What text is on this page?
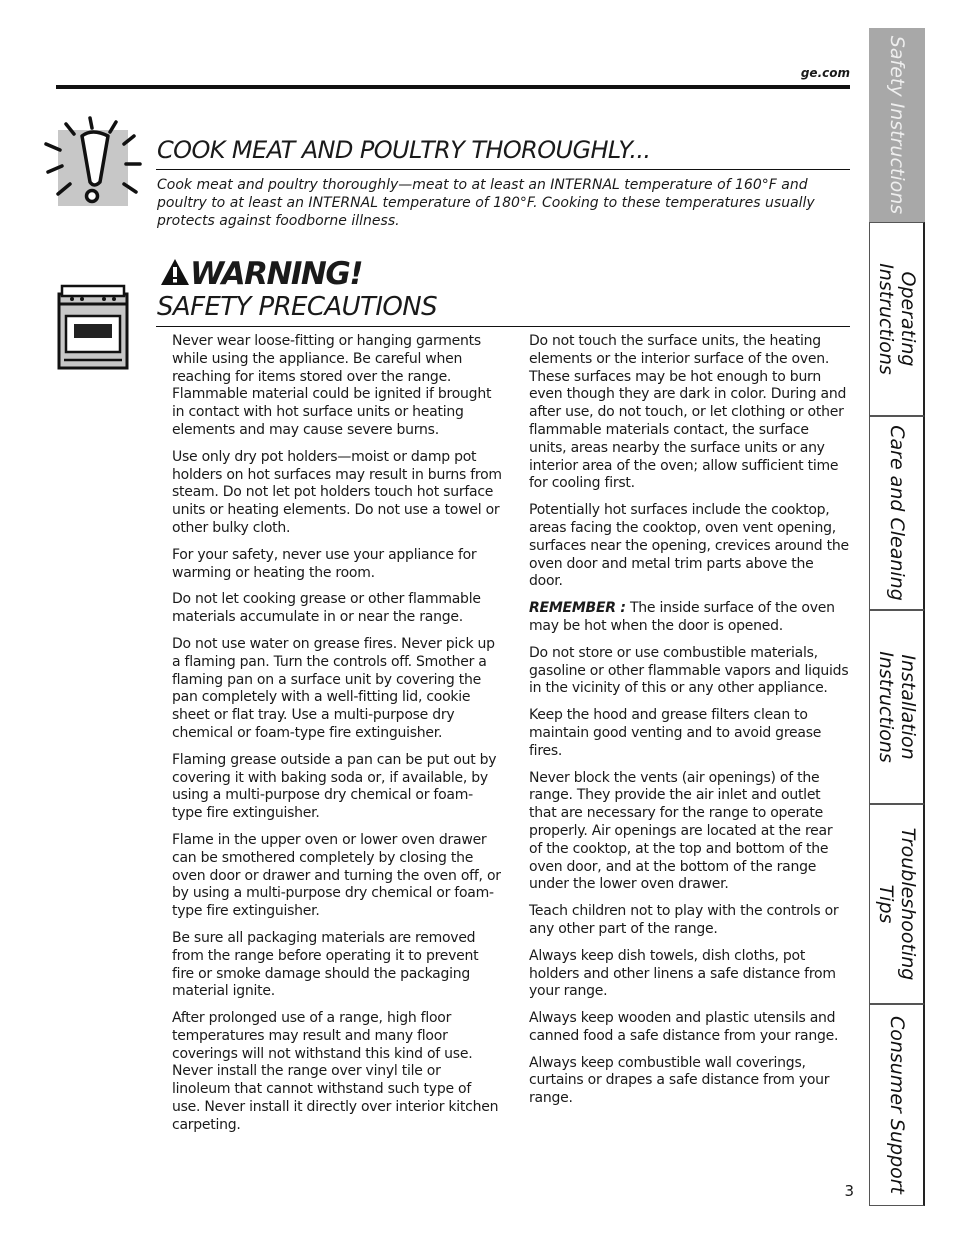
ge.com
COOK MEAT AND POULTRY THOROUGHLY...

Cook meat and poultry thoroughly—meat to at least an INTERNAL temperature of 160°F and poultry to at least an INTERNAL temperature of 180°F. Cooking to these temperatures usually protects against foodborne illness.

WARNING!
SAFETY PRECAUTIONS

Never wear loose-fitting or hanging garments while using the appliance. Be careful when reaching for items stored over the range. Flammable material could be ignited if brought in contact with hot surface units or heating elements and may cause severe burns.

Use only dry pot holders—moist or damp pot holders on hot surfaces may result in burns from steam. Do not let pot holders touch hot surface units or heating elements. Do not use a towel or other bulky cloth.

For your safety, never use your appliance for warming or heating the room.

Do not let cooking grease or other flammable materials accumulate in or near the range.

Do not use water on grease fires. Never pick up a flaming pan. Turn the controls off. Smother a flaming pan on a surface unit by covering the pan completely with a well-fitting lid, cookie sheet or flat tray. Use a multi-purpose dry chemical or foam-type fire extinguisher.

Flaming grease outside a pan can be put out by covering it with baking soda or, if available, by using a multi-purpose dry chemical or foam-type fire extinguisher.

Flame in the upper oven or lower oven drawer can be smothered completely by closing the oven door or drawer and turning the oven off, or by using a multi-purpose dry chemical or foam-type fire extinguisher.

Be sure all packaging materials are removed from the range before operating it to prevent fire or smoke damage should the packaging material ignite.

After prolonged use of a range, high floor temperatures may result and many floor coverings will not withstand this kind of use. Never install the range over vinyl tile or linoleum that cannot withstand such type of use. Never install it directly over interior kitchen carpeting.

Do not touch the surface units, the heating elements or the interior surface of the oven. These surfaces may be hot enough to burn even though they are dark in color. During and after use, do not touch, or let clothing or other flammable materials contact, the surface units, areas nearby the surface units or any interior area of the oven; allow sufficient time for cooling first.

Potentially hot surfaces include the cooktop, areas facing the cooktop, oven vent opening, surfaces near the opening, crevices around the oven door and metal trim parts above the door.

REMEMBER : The inside surface of the oven may be hot when the door is opened.

Do not store or use combustible materials, gasoline or other flammable vapors and liquids in the vicinity of this or any other appliance.

Keep the hood and grease filters clean to maintain good venting and to avoid grease fires.

Never block the vents (air openings) of the range. They provide the air inlet and outlet that are necessary for the range to operate properly. Air openings are located at the rear of the cooktop, at the top and bottom of the oven door, and at the bottom of the range under the lower oven drawer.

Teach children not to play with the controls or any other part of the range.

Always keep dish towels, dish cloths, pot holders and other linens a safe distance from your range.

Always keep wooden and plastic utensils and canned food a safe distance from your range.

Always keep combustible wall coverings, curtains or drapes a safe distance from your range.

3
Safety Instructions
Operating
Instructions
Care and Cleaning
Installation
Instructions
Troubleshooting
Tips
Consumer Support
